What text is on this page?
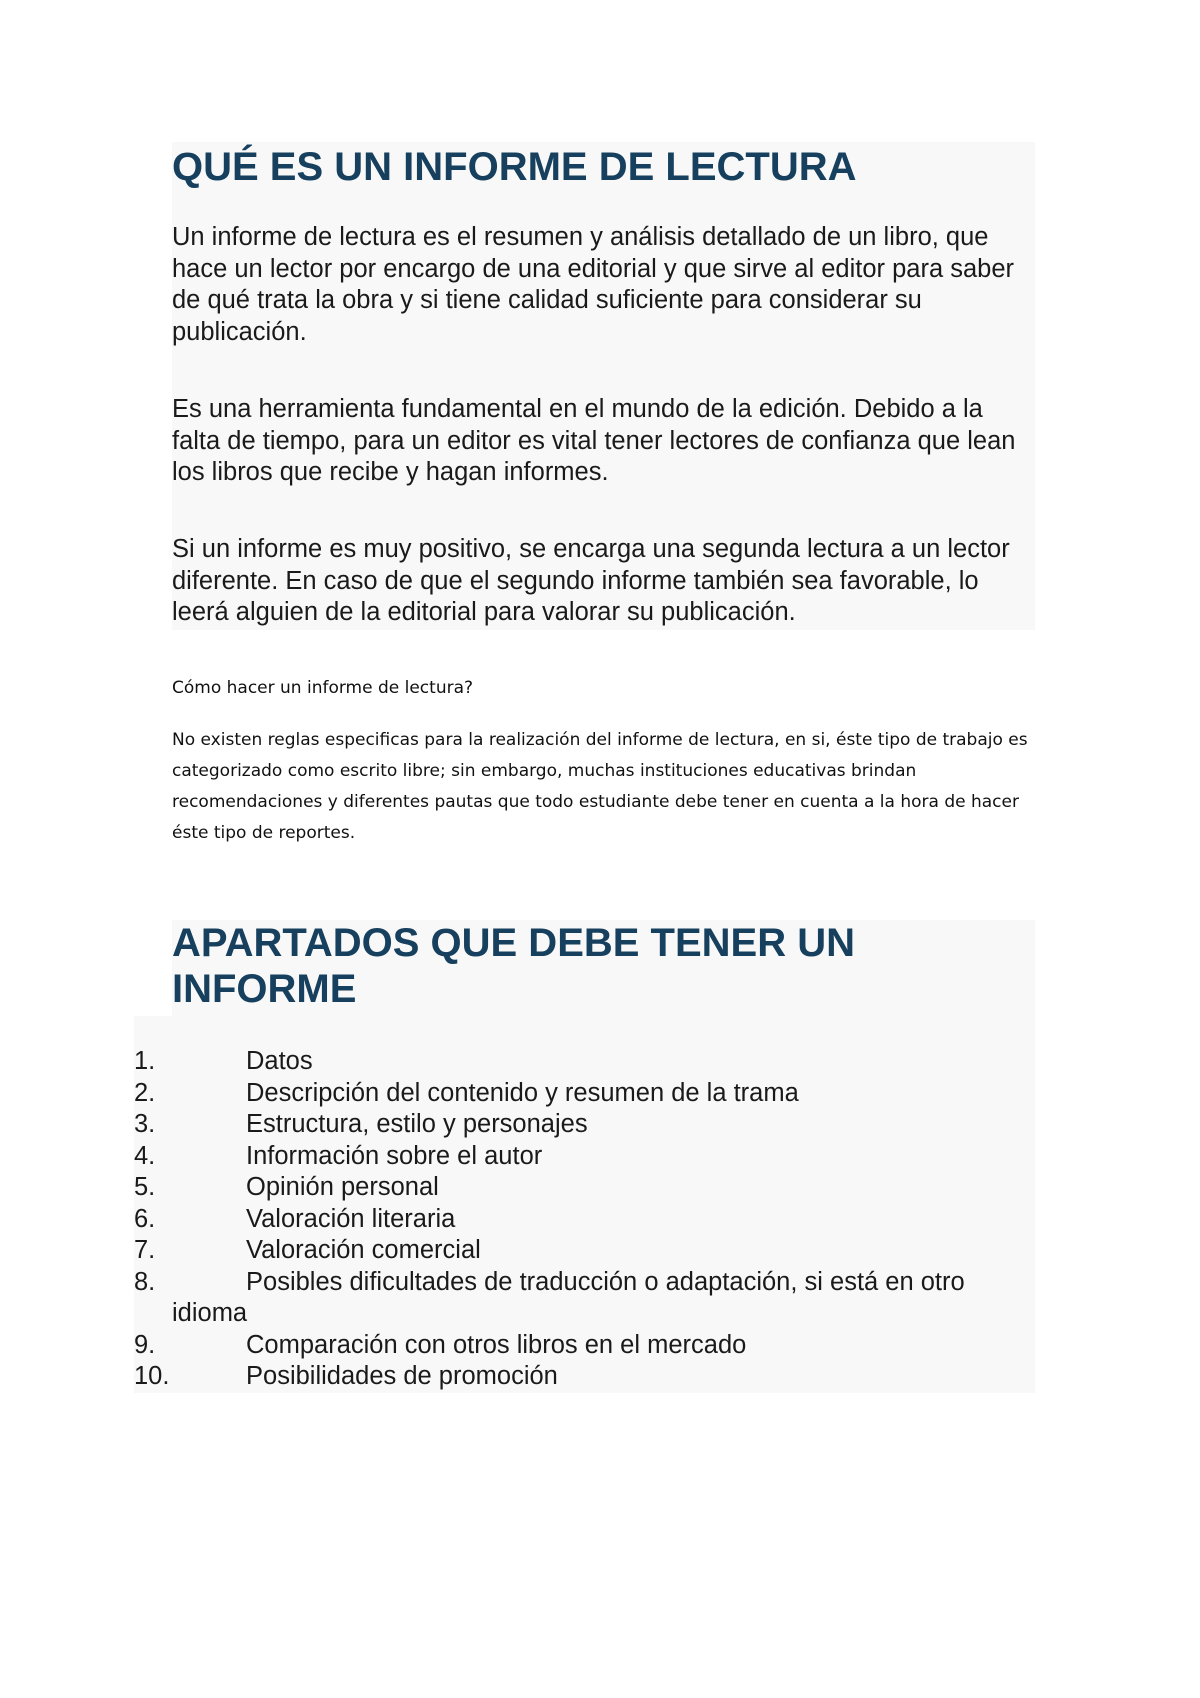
QUÉ ES UN INFORME DE LECTURA

Un informe de lectura es el resumen y análisis detallado de un libro, que hace un lector por encargo de una editorial y que sirve al editor para saber de qué trata la obra y si tiene calidad suficiente para considerar su publicación.

Es una herramienta fundamental en el mundo de la edición. Debido a la falta de tiempo, para un editor es vital tener lectores de confianza que lean los libros que recibe y hagan informes.

Si un informe es muy positivo, se encarga una segunda lectura a un lector diferente. En caso de que el segundo informe también sea favorable, lo leerá alguien de la editorial para valorar su publicación.

Cómo hacer un informe de lectura?

No existen reglas especificas para la realización del informe de lectura, en si, éste tipo de trabajo es categorizado como escrito libre; sin embargo, muchas instituciones educativas brindan recomendaciones y diferentes pautas que todo estudiante debe tener en cuenta a la hora de hacer éste tipo de reportes.

APARTADOS QUE DEBE TENER UN INFORME
1.	Datos
2.	Descripción del contenido y resumen de la trama
3.	Estructura, estilo y personajes
4.	Información sobre el autor
5.	Opinión personal
6.	Valoración literaria
7.	Valoración comercial
8.	Posibles dificultades de traducción o adaptación, si está en otro
idioma
9.	Comparación con otros libros en el mercado
10.	Posibilidades de promoción
